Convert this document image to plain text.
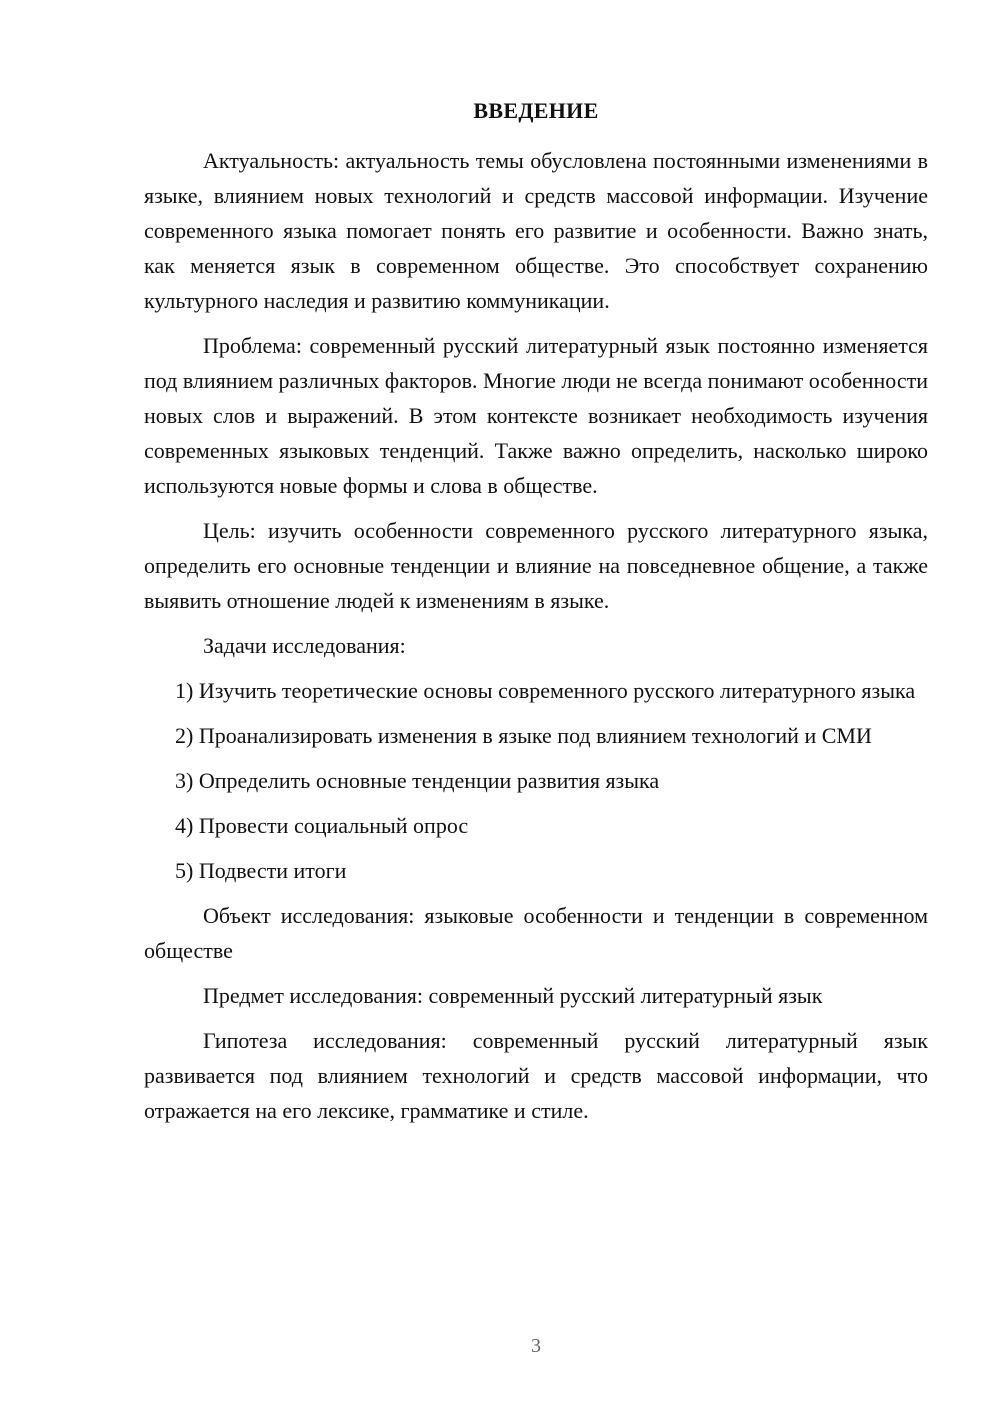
ВВЕДЕНИЕ

Актуальность: актуальность темы обусловлена постоянными изменениями в языке, влиянием новых технологий и средств массовой информации. Изучение современного языка помогает понять его развитие и особенности. Важно знать, как меняется язык в современном обществе. Это способствует сохранению культурного наследия и развитию коммуникации.

Проблема: современный русский литературный язык постоянно изменяется под влиянием различных факторов. Многие люди не всегда понимают особенности новых слов и выражений. В этом контексте возникает необходимость изучения современных языковых тенденций. Также важно определить, насколько широко используются новые формы и слова в обществе.

Цель: изучить особенности современного русского литературного языка, определить его основные тенденции и влияние на повседневное общение, а также выявить отношение людей к изменениям в языке.

Задачи исследования:

1) Изучить теоретические основы современного русского литературного языка

2) Проанализировать изменения в языке под влиянием технологий и СМИ

3) Определить основные тенденции развития языка

4) Провести социальный опрос

5) Подвести итоги

Объект исследования: языковые особенности и тенденции в современном обществе

Предмет исследования: современный русский литературный язык

Гипотеза исследования: современный русский литературный язык развивается под влиянием технологий и средств массовой информации, что отражается на его лексике, грамматике и стиле.

3
